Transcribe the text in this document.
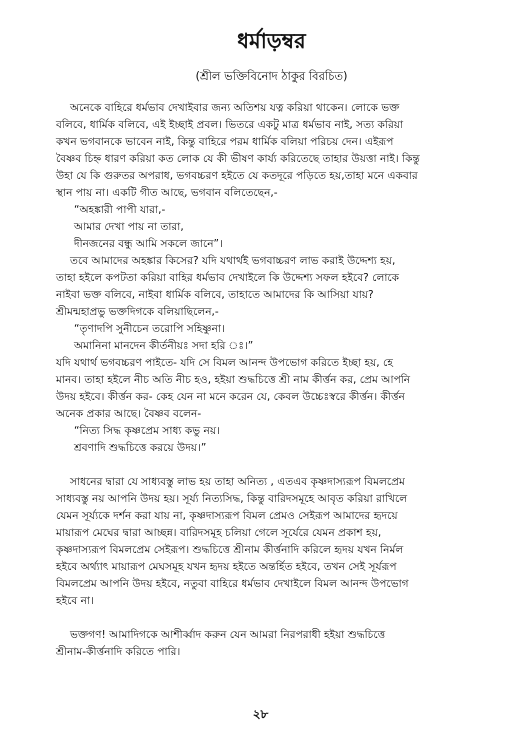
ধর্মাড়ম্বর
(শ্রীল ভক্তিবিনোদ ঠাকুর বিরচিত)
অনেকে বাহিরে ধর্মভাব দেখাইবার জন্য অতিশয় যত্ন করিয়া থাকেন। লোকে ভক্ত
বলিবে, ধার্মিক বলিবে, এই ইচ্ছাই প্রবল। ভিতরে একটু মাত্র ধর্মভাব নাই, সত্য করিয়া
কখন ভগবানকে ভাবেন নাই, কিন্তু বাহিরে পরম ধার্মিক বলিয়া পরিচয় দেন। এইরূপ
বৈষ্ণব চিহ্ন ধারণ করিয়া কত লোক যে কী ভীষণ কার্য্য করিতেছে তাহার উয়ত্তা নাই। কিন্তু
উহা যে কি গুরুতর অপরাধ, ভগবচ্চরণ হইতে যে কতদূরে পড়িতে হয়,তাহা মনে একবার
স্থান পায় না। একটি গীত আছে, ভগবান বলিতেছেন,-
“অহঙ্কারী পাপী যারা,-
আমার দেখা পায় না তারা,
দীনজনের বন্ধু আমি সকলে জানে”।
তবে আমাদের অহঙ্কার কিসের? যদি যথার্থই ভগবাচ্চরণ লাভ করাই উদ্দেশ্য হয়,
তাহা হইলে কপটতা করিয়া বাহির ধর্মভাব দেখাইলে কি উদ্দেশ্য সফল হইবে? লোকে
নাইবা ভক্ত বলিবে, নাইবা ধার্মিক বলিবে, তাহাতে আমাদের কি আসিয়া যায়?
শ্রীমন্মহাপ্রভু ভক্তদিগকে বলিয়াছিলেন,-
“তৃণাদপি সুনীচেন তরোপি সহিষ্ণুনা।
অমানিনা মানদেন কীর্তনীয়ঃ সদা হরি ঃ।”
যদি যথার্থ ভগবচ্চরণ পাইতে- যদি সে বিমল আনন্দ উপভোগ করিতে ইচ্ছা হয়, হে
মানব। তাহা হইলে নীচ অতি নীচ হও, হইয়া শুদ্ধচিত্তে শ্রী নাম কীর্ত্তন কর, প্রেম আপনি
উদয় হইবে। কীর্ত্তন কর- কেহ যেন না মনে করেন যে, কেবল উচ্চেঃস্বরে কীর্ত্তন। কীর্ত্তন
অনেক প্রকার আছে। বৈষ্ণব বলেন-
“নিত্য সিদ্ধ কৃষ্ণপ্রেম সাধ্য কভু নয়।
শ্রবণাদি শুদ্ধচিত্তে করয়ে উদয়।”
সাধনের দ্বারা যে সাধ্যবস্তু লাভ হয় তাহা অনিত্য , এতএব কৃষ্ণদাস্যরূপ বিমলপ্রেম
সাধ্যবস্তু নয় আপনি উদয় হয়। সূর্য্য নিত্যসিদ্ধ, কিন্তু বারিদসমূহে আবৃত করিয়া রাখিলে
যেমন সূর্য্যকে দর্শন করা যায় না, কৃষ্ণদাস্যরূপ বিমল প্রেমও সেইরূপ আমাদের হৃদয়ে
মায়ারূপ মেঘের দ্বারা আচ্ছন্ন। বারিদসমূহ চলিয়া গেলে সূর্যেরে যেমন প্রকাশ হয়,
কৃষ্ণদাস্যরূপ বিমলপ্রেম সেইরূপ। শুদ্ধচিত্তে শ্রীনাম কীর্ত্তনাদি করিলে হৃদয় যখন নির্মল
হইবে অর্থ্যাৎ মায়ারূপ মেঘসমূহ যখন হৃদয় হইতে অন্তর্হিত হইবে, তখন সেই সূর্যরূপ
বিমলপ্রেম আপনি উদয় হইবে, নতুবা বাহিরে ধর্মভাব দেখাইলে বিমল আনন্দ উপভোগ
হইবে না।
ভক্তগণ! আমাদিগকে আশীর্ব্বাদ করুন যেন আমরা নিরপরাধী হইয়া শুদ্ধচিত্তে
শ্রীনাম-কীর্ত্তনাদি করিতে পারি।
২৮
